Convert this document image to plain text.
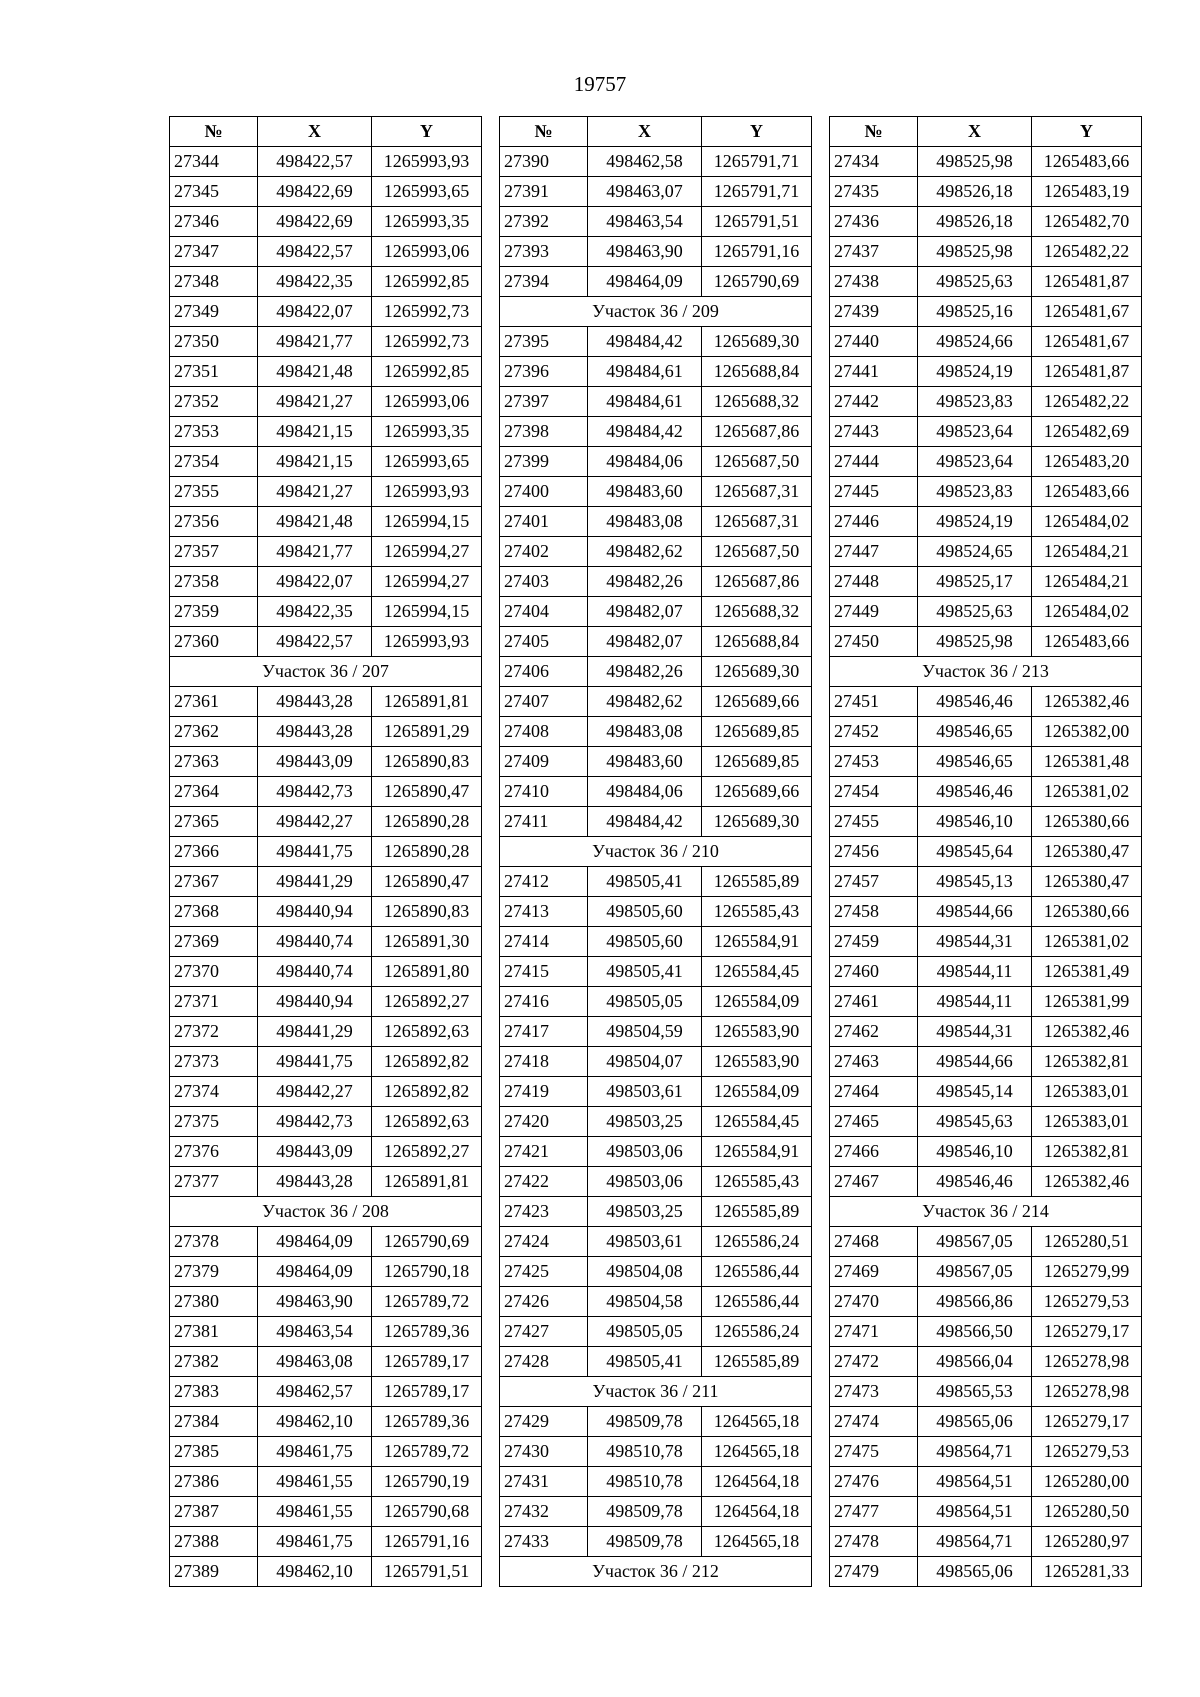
19757
№	X	Y
27344	498422,57	1265993,93
27345	498422,69	1265993,65
27346	498422,69	1265993,35
27347	498422,57	1265993,06
27348	498422,35	1265992,85
27349	498422,07	1265992,73
27350	498421,77	1265992,73
27351	498421,48	1265992,85
27352	498421,27	1265993,06
27353	498421,15	1265993,35
27354	498421,15	1265993,65
27355	498421,27	1265993,93
27356	498421,48	1265994,15
27357	498421,77	1265994,27
27358	498422,07	1265994,27
27359	498422,35	1265994,15
27360	498422,57	1265993,93
Участок 36 / 207		
27361	498443,28	1265891,81
27362	498443,28	1265891,29
27363	498443,09	1265890,83
27364	498442,73	1265890,47
27365	498442,27	1265890,28
27366	498441,75	1265890,28
27367	498441,29	1265890,47
27368	498440,94	1265890,83
27369	498440,74	1265891,30
27370	498440,74	1265891,80
27371	498440,94	1265892,27
27372	498441,29	1265892,63
27373	498441,75	1265892,82
27374	498442,27	1265892,82
27375	498442,73	1265892,63
27376	498443,09	1265892,27
27377	498443,28	1265891,81
Участок 36 / 208		
27378	498464,09	1265790,69
27379	498464,09	1265790,18
27380	498463,90	1265789,72
27381	498463,54	1265789,36
27382	498463,08	1265789,17
27383	498462,57	1265789,17
27384	498462,10	1265789,36
27385	498461,75	1265789,72
27386	498461,55	1265790,19
27387	498461,55	1265790,68
27388	498461,75	1265791,16
27389	498462,10	1265791,51
№	X	Y
27390	498462,58	1265791,71
27391	498463,07	1265791,71
27392	498463,54	1265791,51
27393	498463,90	1265791,16
27394	498464,09	1265790,69
Участок 36 / 209		
27395	498484,42	1265689,30
27396	498484,61	1265688,84
27397	498484,61	1265688,32
27398	498484,42	1265687,86
27399	498484,06	1265687,50
27400	498483,60	1265687,31
27401	498483,08	1265687,31
27402	498482,62	1265687,50
27403	498482,26	1265687,86
27404	498482,07	1265688,32
27405	498482,07	1265688,84
27406	498482,26	1265689,30
27407	498482,62	1265689,66
27408	498483,08	1265689,85
27409	498483,60	1265689,85
27410	498484,06	1265689,66
27411	498484,42	1265689,30
Участок 36 / 210		
27412	498505,41	1265585,89
27413	498505,60	1265585,43
27414	498505,60	1265584,91
27415	498505,41	1265584,45
27416	498505,05	1265584,09
27417	498504,59	1265583,90
27418	498504,07	1265583,90
27419	498503,61	1265584,09
27420	498503,25	1265584,45
27421	498503,06	1265584,91
27422	498503,06	1265585,43
27423	498503,25	1265585,89
27424	498503,61	1265586,24
27425	498504,08	1265586,44
27426	498504,58	1265586,44
27427	498505,05	1265586,24
27428	498505,41	1265585,89
Участок 36 / 211		
27429	498509,78	1264565,18
27430	498510,78	1264565,18
27431	498510,78	1264564,18
27432	498509,78	1264564,18
27433	498509,78	1264565,18
Участок 36 / 212		
№	X	Y
27434	498525,98	1265483,66
27435	498526,18	1265483,19
27436	498526,18	1265482,70
27437	498525,98	1265482,22
27438	498525,63	1265481,87
27439	498525,16	1265481,67
27440	498524,66	1265481,67
27441	498524,19	1265481,87
27442	498523,83	1265482,22
27443	498523,64	1265482,69
27444	498523,64	1265483,20
27445	498523,83	1265483,66
27446	498524,19	1265484,02
27447	498524,65	1265484,21
27448	498525,17	1265484,21
27449	498525,63	1265484,02
27450	498525,98	1265483,66
Участок 36 / 213		
27451	498546,46	1265382,46
27452	498546,65	1265382,00
27453	498546,65	1265381,48
27454	498546,46	1265381,02
27455	498546,10	1265380,66
27456	498545,64	1265380,47
27457	498545,13	1265380,47
27458	498544,66	1265380,66
27459	498544,31	1265381,02
27460	498544,11	1265381,49
27461	498544,11	1265381,99
27462	498544,31	1265382,46
27463	498544,66	1265382,81
27464	498545,14	1265383,01
27465	498545,63	1265383,01
27466	498546,10	1265382,81
27467	498546,46	1265382,46
Участок 36 / 214		
27468	498567,05	1265280,51
27469	498567,05	1265279,99
27470	498566,86	1265279,53
27471	498566,50	1265279,17
27472	498566,04	1265278,98
27473	498565,53	1265278,98
27474	498565,06	1265279,17
27475	498564,71	1265279,53
27476	498564,51	1265280,00
27477	498564,51	1265280,50
27478	498564,71	1265280,97
27479	498565,06	1265281,33
